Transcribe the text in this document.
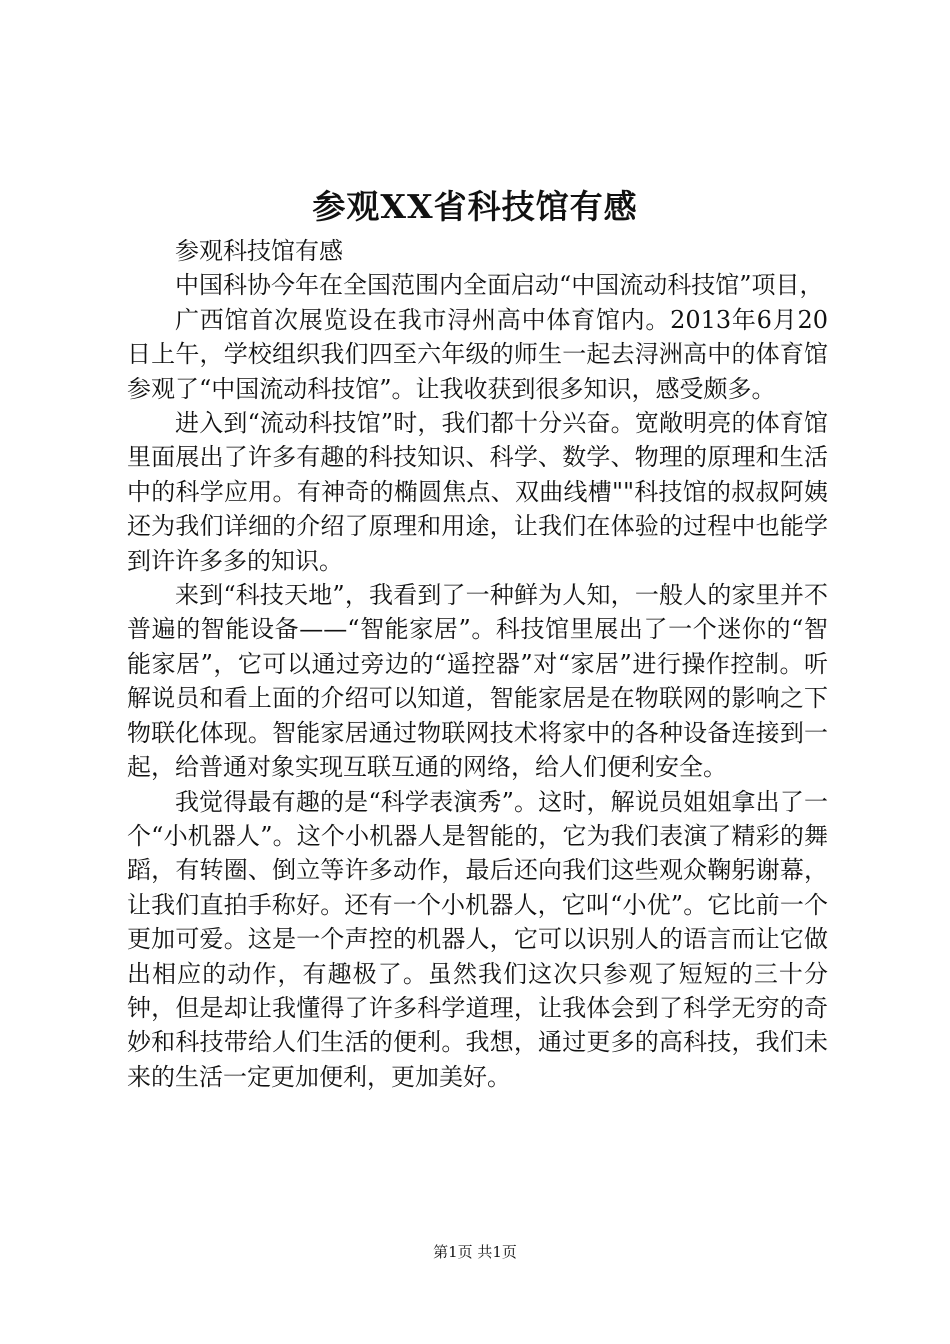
参观XX省科技馆有感

参观科技馆有感

中国科协今年在全国范围内全面启动“中国流动科技馆”项目，

广西馆首次展览设在我市浔州高中体育馆内。2013年6月20日上午，学校组织我们四至六年级的师生一起去浔洲高中的体育馆参观了“中国流动科技馆”。让我收获到很多知识，感受颇多。

进入到“流动科技馆”时，我们都十分兴奋。宽敞明亮的体育馆里面展出了许多有趣的科技知识、科学、数学、物理的原理和生活中的科学应用。有神奇的椭圆焦点、双曲线槽""科技馆的叔叔阿姨还为我们详细的介绍了原理和用途，让我们在体验的过程中也能学到许许多多的知识。

来到“科技天地”，我看到了一种鲜为人知，一般人的家里并不普遍的智能设备——“智能家居”。科技馆里展出了一个迷你的“智能家居”，它可以通过旁边的“遥控器”对“家居”进行操作控制。听解说员和看上面的介绍可以知道，智能家居是在物联网的影响之下物联化体现。智能家居通过物联网技术将家中的各种设备连接到一起，给普通对象实现互联互通的网络，给人们便利安全。

我觉得最有趣的是“科学表演秀”。这时，解说员姐姐拿出了一个“小机器人”。这个小机器人是智能的，它为我们表演了精彩的舞蹈，有转圈、倒立等许多动作，最后还向我们这些观众鞠躬谢幕，让我们直拍手称好。还有一个小机器人，它叫“小优”。它比前一个更加可爱。这是一个声控的机器人，它可以识别人的语言而让它做出相应的动作，有趣极了。虽然我们这次只参观了短短的三十分钟，但是却让我懂得了许多科学道理，让我体会到了科学无穷的奇妙和科技带给人们生活的便利。我想，通过更多的高科技，我们未来的生活一定更加便利，更加美好。

第1页 共1页
